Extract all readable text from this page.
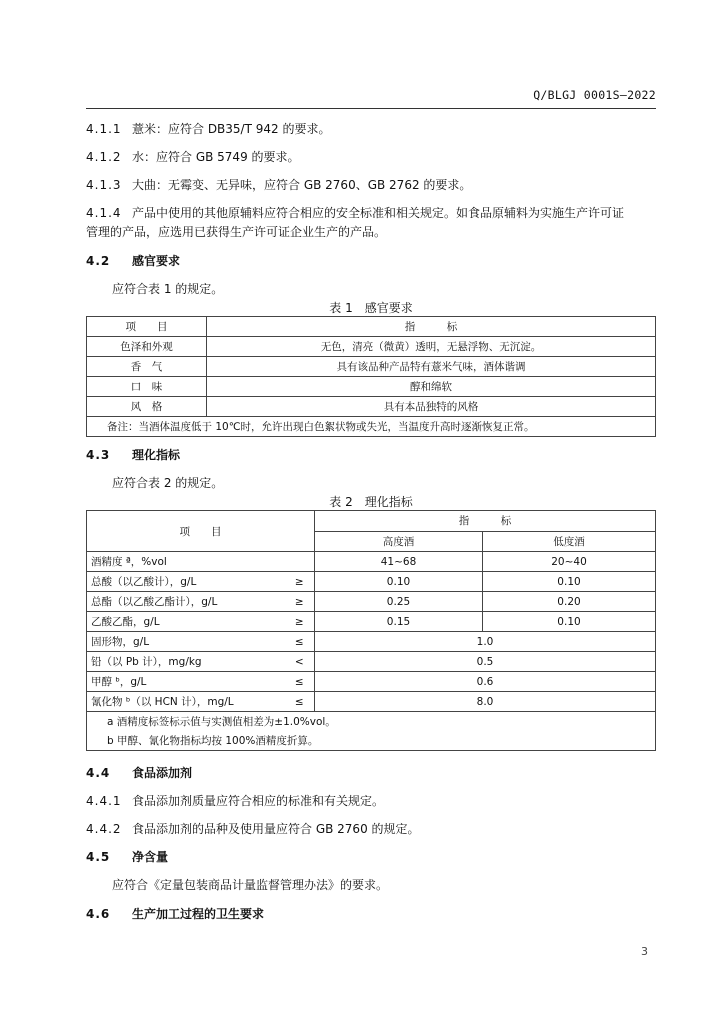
Q/BLGJ 0001S—2022
4.1.1 薏米：应符合 DB35/T 942 的要求。
4.1.2 水：应符合 GB 5749 的要求。
4.1.3 大曲：无霉变、无异味，应符合 GB 2760、GB 2762 的要求。
4.1.4 产品中使用的其他原辅料应符合相应的安全标准和相关规定。如食品原辅料为实施生产许可证
管理的产品，应选用已获得生产许可证企业生产的产品。
4.2 感官要求
应符合表 1 的规定。
表 1　感官要求
项　　目	指　　　标
色泽和外观	无色，清亮（微黄）透明，无悬浮物、无沉淀。
香　气	具有该品种产品特有薏米气味，酒体谐调
口　味	醇和绵软
风　格	具有本品独特的风格
备注：当酒体温度低于 10℃时，允许出现白色絮状物或失光，当温度升高时逐渐恢复正常。	
4.3 理化指标
应符合表 2 的规定。
表 2　理化指标
项　　目		指　　　标	
		高度酒	低度酒
酒精度 ª，%vol		41~68	20~40
总酸（以乙酸计），g/L	≥	0.10	0.10
总酯（以乙酸乙酯计），g/L	≥	0.25	0.20
乙酸乙酯，g/L	≥	0.15	0.10
固形物，g/L	≤	1.0	
铅（以 Pb 计），mg/kg	<	0.5	
甲醇 ᵇ，g/L	≤	0.6	
氰化物 ᵇ（以 HCN 计），mg/L	≤	8.0	
a 酒精度标签标示值与实测值相差为±1.0%vol。			
b 甲醇、氰化物指标均按 100%酒精度折算。			
4.4 食品添加剂
4.4.1 食品添加剂质量应符合相应的标准和有关规定。
4.4.2 食品添加剂的品种及使用量应符合 GB 2760 的规定。
4.5 净含量
应符合《定量包装商品计量监督管理办法》的要求。
4.6 生产加工过程的卫生要求
3
